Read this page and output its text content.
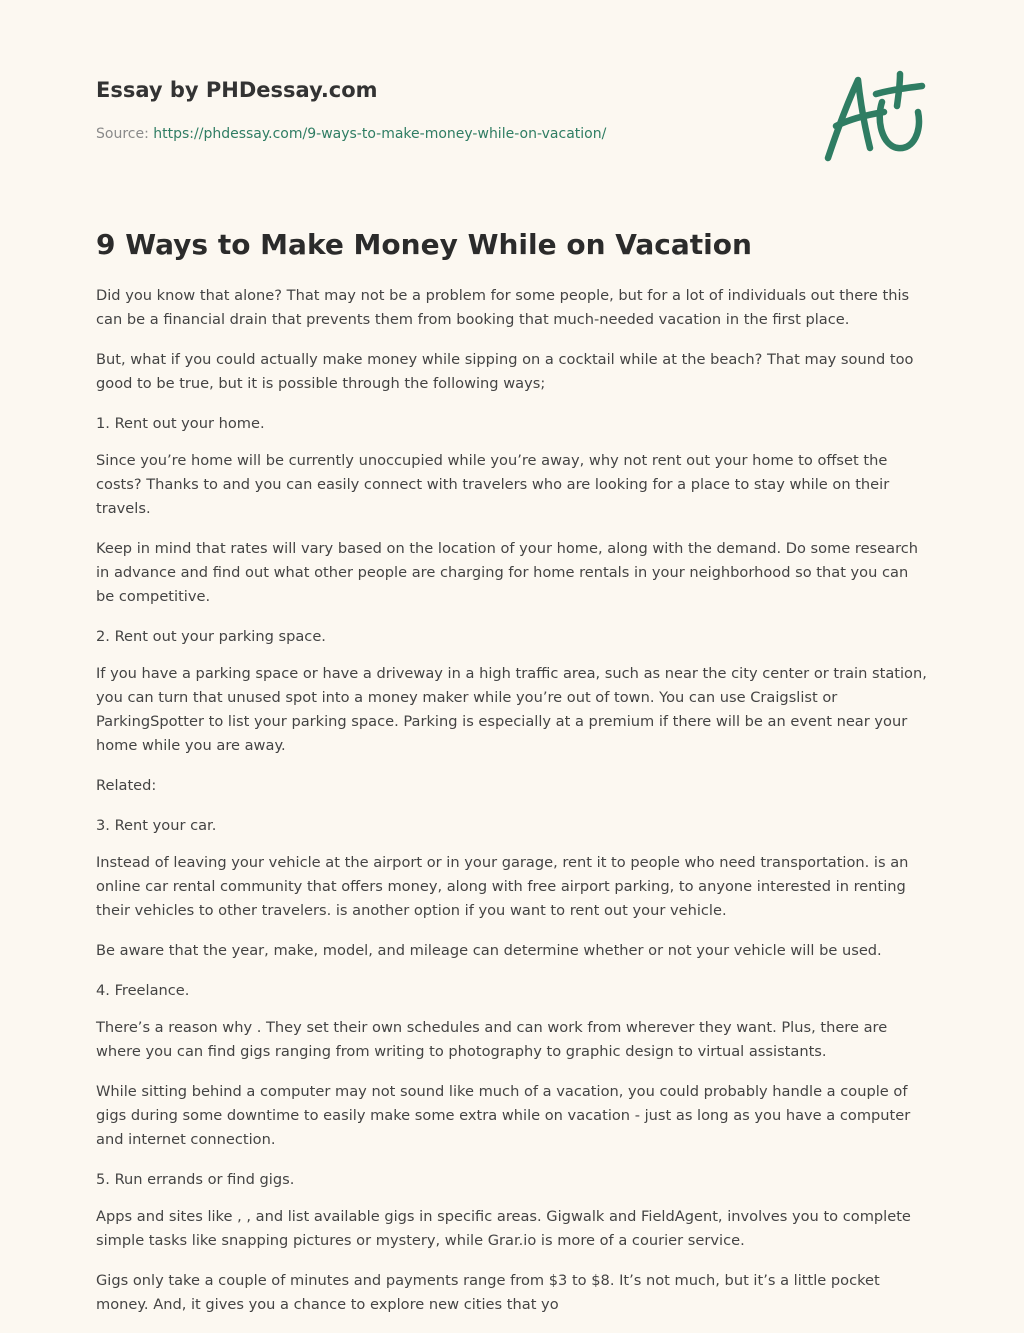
Essay by PHDessay.com

Source: https://phdessay.com/9-ways-to-make-money-while-on-vacation/

9 Ways to Make Money While on Vacation

Did you know that alone? That may not be a problem for some people, but for a lot of individuals out there this can be a financial drain that prevents them from booking that much-needed vacation in the first place.

But, what if you could actually make money while sipping on a cocktail while at the beach? That may sound too good to be true, but it is possible through the following ways;

1. Rent out your home.

Since you’re home will be currently unoccupied while you’re away, why not rent out your home to offset the costs? Thanks to and you can easily connect with travelers who are looking for a place to stay while on their travels.

Keep in mind that rates will vary based on the location of your home, along with the demand. Do some research in advance and find out what other people are charging for home rentals in your neighborhood so that you can be competitive.

2. Rent out your parking space.

If you have a parking space or have a driveway in a high traffic area, such as near the city center or train station, you can turn that unused spot into a money maker while you’re out of town. You can use Craigslist or ParkingSpotter to list your parking space. Parking is especially at a premium if there will be an event near your home while you are away.

Related:

3. Rent your car.

Instead of leaving your vehicle at the airport or in your garage, rent it to people who need transportation. is an online car rental community that offers money, along with free airport parking, to anyone interested in renting their vehicles to other travelers. is another option if you want to rent out your vehicle.

Be aware that the year, make, model, and mileage can determine whether or not your vehicle will be used.

4. Freelance.

There’s a reason why . They set their own schedules and can work from wherever they want. Plus, there are where you can find gigs ranging from writing to photography to graphic design to virtual assistants.

While sitting behind a computer may not sound like much of a vacation, you could probably handle a couple of gigs during some downtime to easily make some extra while on vacation - just as long as you have a computer and internet connection.

5. Run errands or find gigs.

Apps and sites like , , and list available gigs in specific areas. Gigwalk and FieldAgent, involves you to complete simple tasks like snapping pictures or mystery, while Grar.io is more of a courier service.

Gigs only take a couple of minutes and payments range from $3 to $8. It’s not much, but it’s a little pocket money. And, it gives you a chance to explore new cities that yo
